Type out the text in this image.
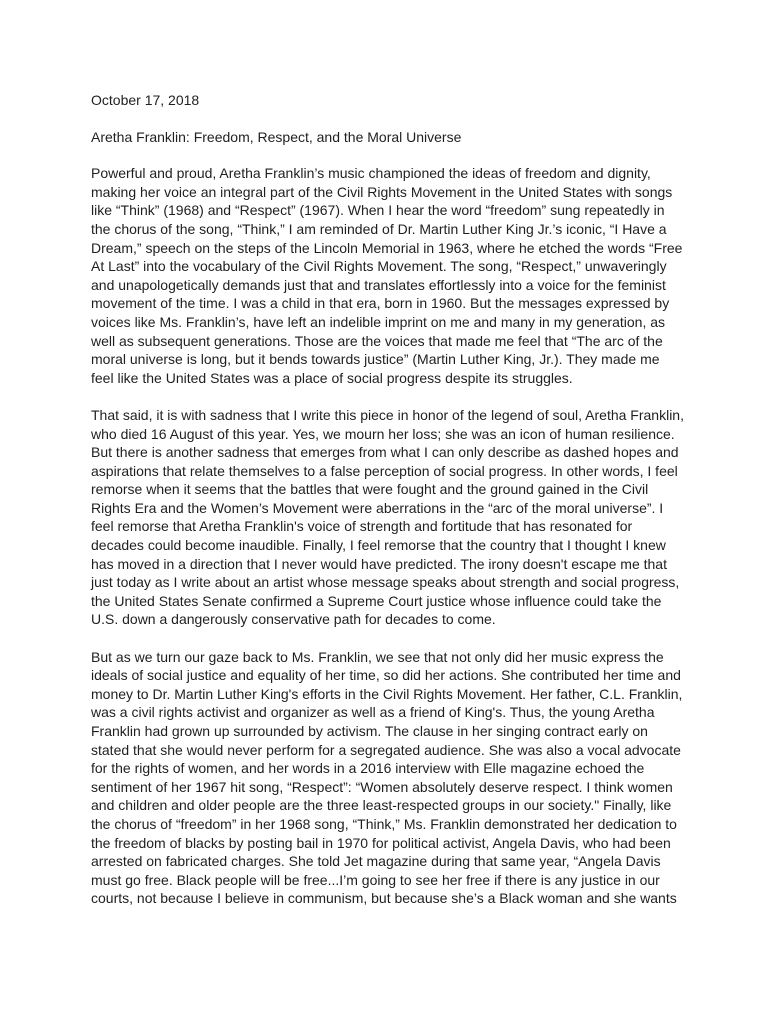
October 17, 2018
Aretha Franklin: Freedom, Respect, and the Moral Universe
Powerful and proud, Aretha Franklin’s music championed the ideas of freedom and dignity,
making her voice an integral part of the Civil Rights Movement in the United States with songs
like “Think” (1968) and “Respect” (1967). When I hear the word “freedom” sung repeatedly in
the chorus of the song, “Think,” I am reminded of Dr. Martin Luther King Jr.’s iconic, “I Have a
Dream,” speech on the steps of the Lincoln Memorial in 1963, where he etched the words “Free
At Last” into the vocabulary of the Civil Rights Movement. The song, “Respect,” unwaveringly
and unapologetically demands just that and translates effortlessly into a voice for the feminist
movement of the time. I was a child in that era, born in 1960. But the messages expressed by
voices like Ms. Franklin’s, have left an indelible imprint on me and many in my generation, as
well as subsequent generations. Those are the voices that made me feel that “The arc of the
moral universe is long, but it bends towards justice” (Martin Luther King, Jr.). They made me
feel like the United States was a place of social progress despite its struggles.
That said, it is with sadness that I write this piece in honor of the legend of soul, Aretha Franklin,
who died 16 August of this year. Yes, we mourn her loss; she was an icon of human resilience.
But there is another sadness that emerges from what I can only describe as dashed hopes and
aspirations that relate themselves to a false perception of social progress. In other words, I feel
remorse when it seems that the battles that were fought and the ground gained in the Civil
Rights Era and the Women’s Movement were aberrations in the “arc of the moral universe”. I
feel remorse that Aretha Franklin's voice of strength and fortitude that has resonated for
decades could become inaudible. Finally, I feel remorse that the country that I thought I knew
has moved in a direction that I never would have predicted. The irony doesn't escape me that
just today as I write about an artist whose message speaks about strength and social progress,
the United States Senate confirmed a Supreme Court justice whose influence could take the
U.S. down a dangerously conservative path for decades to come.
But as we turn our gaze back to Ms. Franklin, we see that not only did her music express the
ideals of social justice and equality of her time, so did her actions. She contributed her time and
money to Dr. Martin Luther King's efforts in the Civil Rights Movement. Her father, C.L. Franklin,
was a civil rights activist and organizer as well as a friend of King's. Thus, the young Aretha
Franklin had grown up surrounded by activism. The clause in her singing contract early on
stated that she would never perform for a segregated audience. She was also a vocal advocate
for the rights of women, and her words in a 2016 interview with Elle magazine echoed the
sentiment of her 1967 hit song, “Respect”: “Women absolutely deserve respect. I think women
and children and older people are the three least-respected groups in our society." Finally, like
the chorus of “freedom” in her 1968 song, “Think,” Ms. Franklin demonstrated her dedication to
the freedom of blacks by posting bail in 1970 for political activist, Angela Davis, who had been
arrested on fabricated charges. She told Jet magazine during that same year, “Angela Davis
must go free. Black people will be free...I’m going to see her free if there is any justice in our
courts, not because I believe in communism, but because she’s a Black woman and she wants
